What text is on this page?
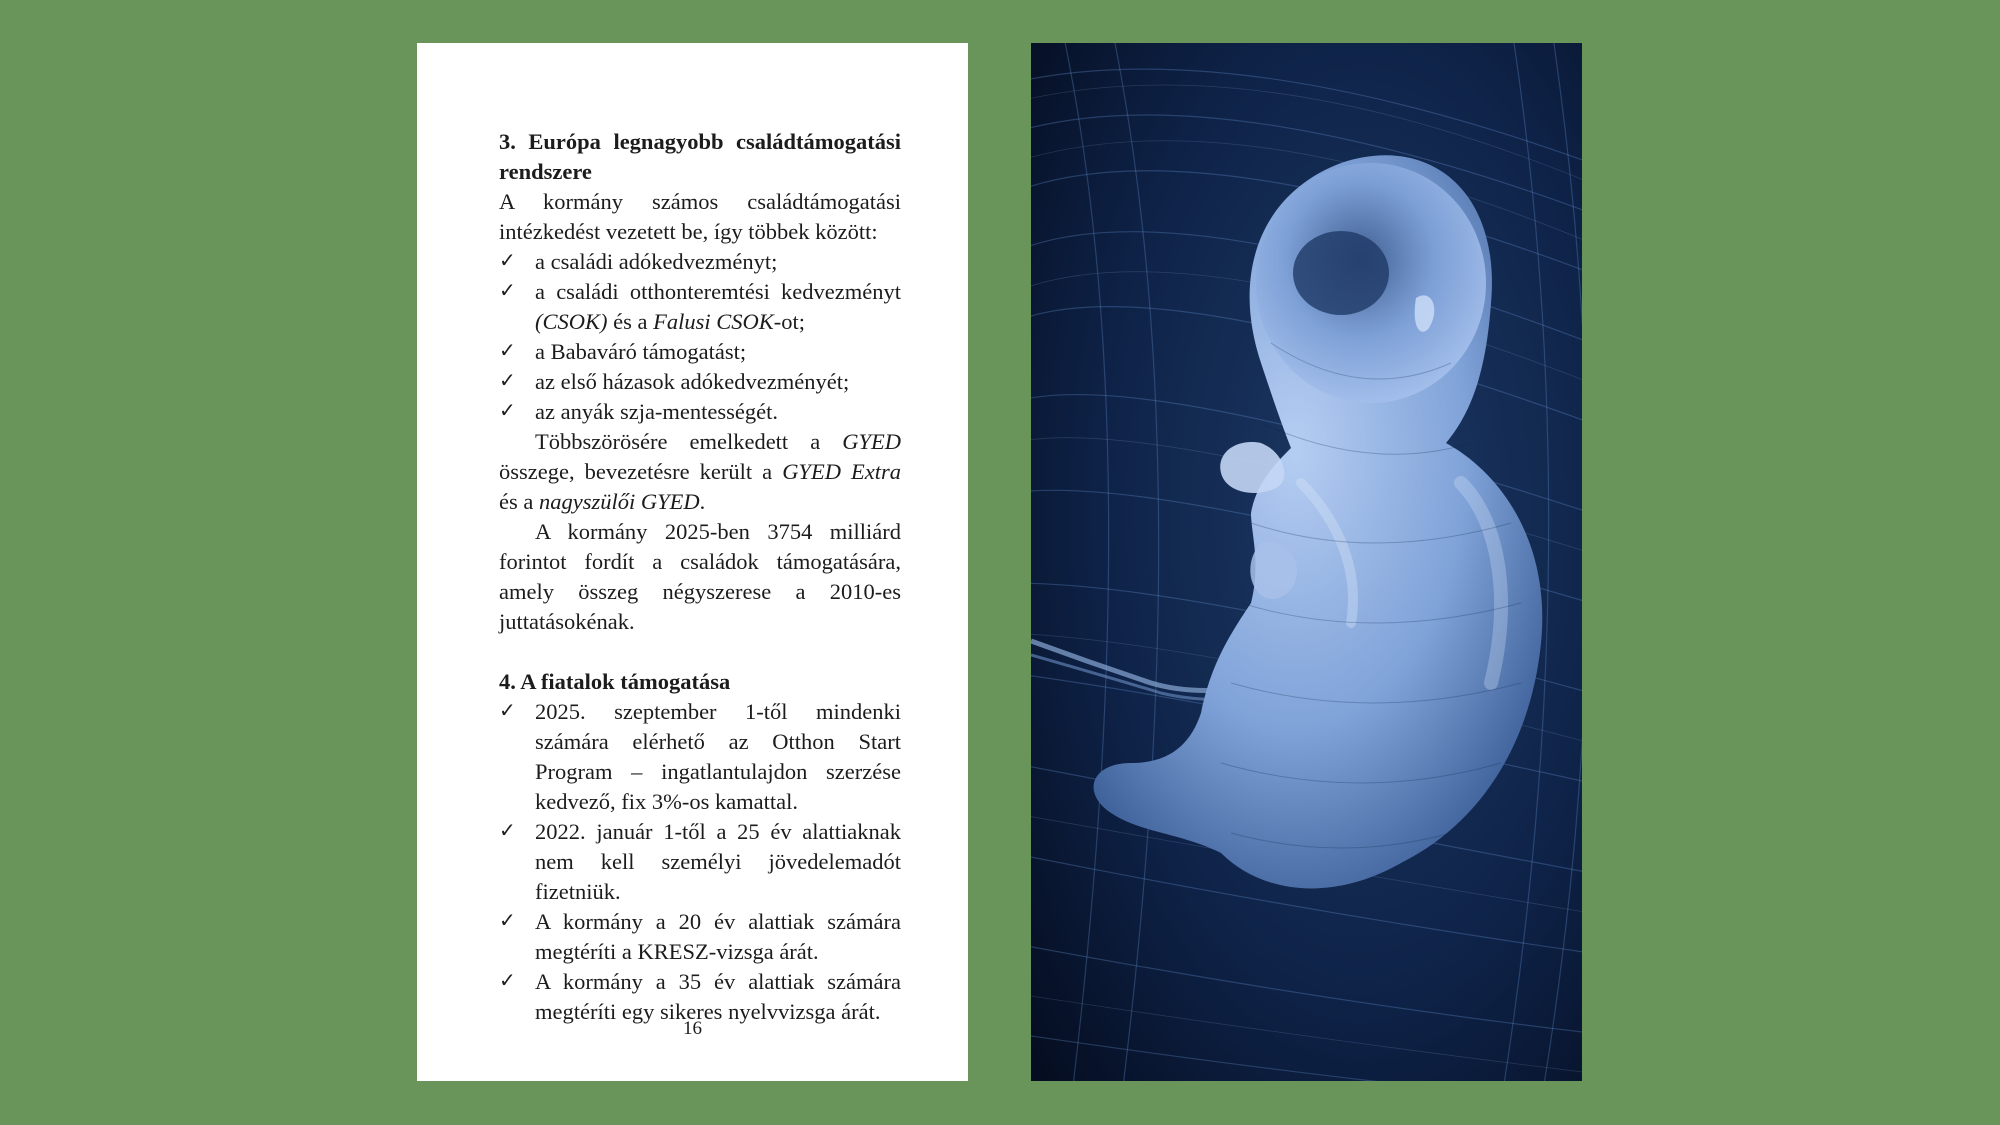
3. Európa legnagyobb családtámogatási rendszere

A kormány számos családtámogatási intézkedést vezetett be, így többek között:

✓ a családi adókedvezményt;
✓ a családi otthonteremtési kedvezményt (CSOK) és a Falusi CSOK-ot;
✓ a Babaváró támogatást;
✓ az első házasok adókedvezményét;
✓ az anyák szja-mentességét.

Többszörösére emelkedett a GYED összege, bevezetésre került a GYED Extra és a nagyszülői GYED.

A kormány 2025-ben 3754 milliárd forintot fordít a családok támogatására, amely összeg négyszerese a 2010-es juttatásokénak.

4. A fiatalok támogatása

✓ 2025. szeptember 1-től mindenki számára elérhető az Otthon Start Program – ingatlantulajdon szerzése kedvező, fix 3%-os kamattal.
✓ 2022. január 1-től a 25 év alattiaknak nem kell személyi jövedelemadót fizetniük.
✓ A kormány a 20 év alattiak számára megtéríti a KRESZ-vizsga árát.
✓ A kormány a 35 év alattiak számára megtéríti egy sikeres nyelvvizsga árát.
16
